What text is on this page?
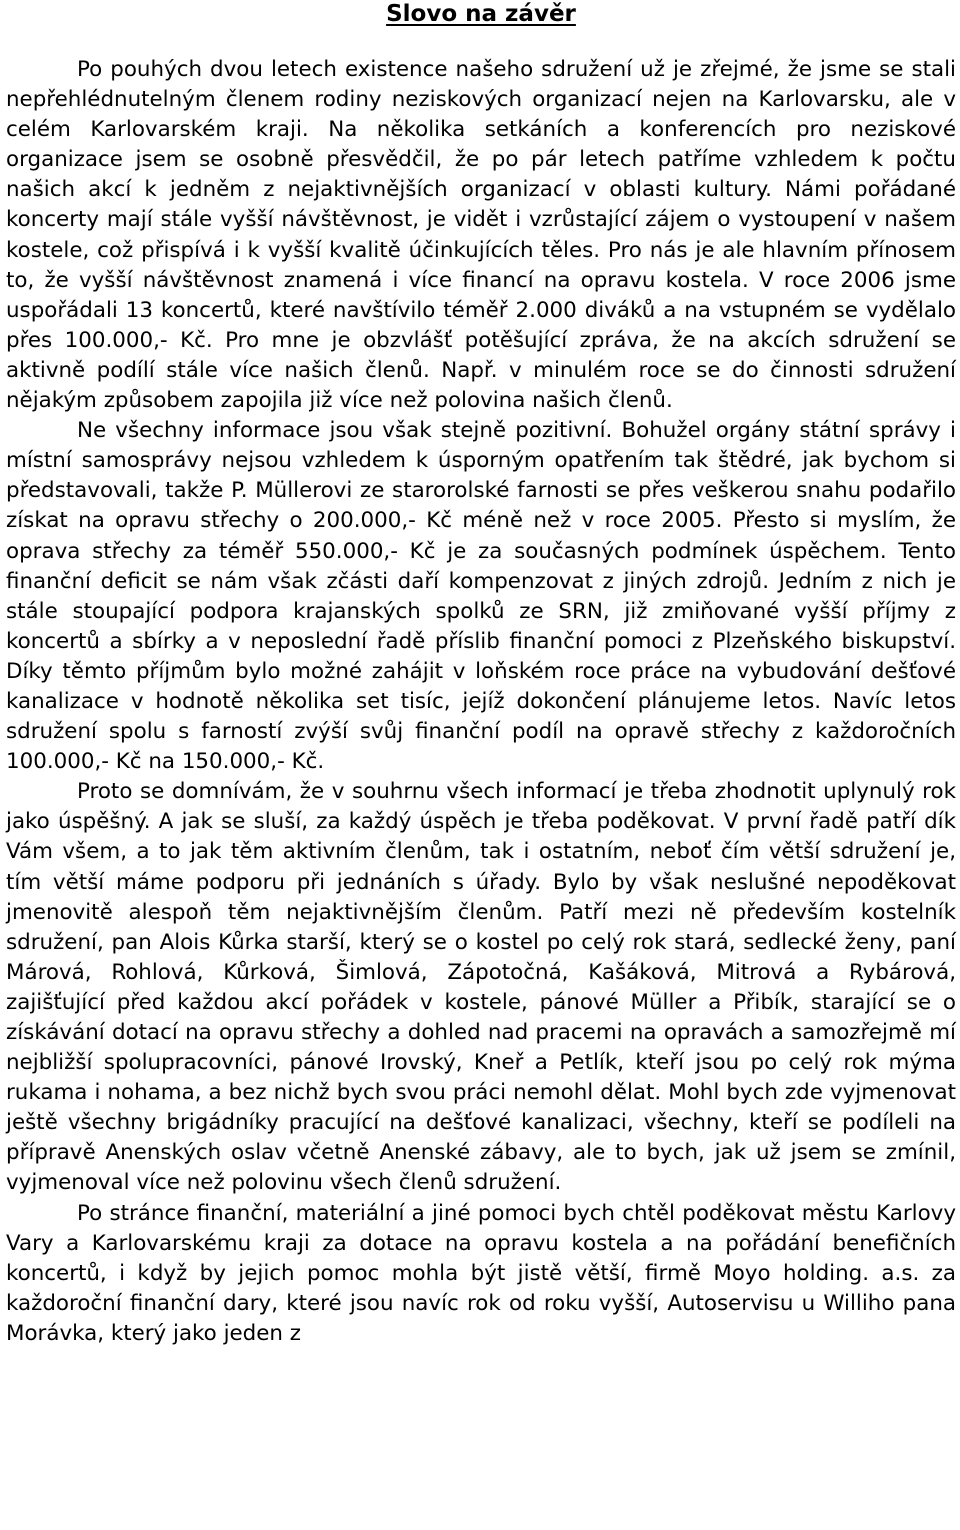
Slovo na závěr

Po pouhých dvou letech existence našeho sdružení už je zřejmé, že jsme se stali nepřehlédnutelným členem rodiny neziskových organizací nejen na Karlovarsku, ale v celém Karlovarském kraji. Na několika setkáních a konferencích pro neziskové organizace jsem se osobně přesvědčil, že po pár letech patříme vzhledem k počtu našich akcí k jedněm z nejaktivnějších organizací v oblasti kultury. Námi pořádané koncerty mají stále vyšší návštěvnost, je vidět i vzrůstající zájem o vystoupení v našem kostele, což přispívá i k vyšší kvalitě účinkujících těles. Pro nás je ale hlavním přínosem to, že vyšší návštěvnost znamená i více financí na opravu kostela. V roce 2006 jsme uspořádali 13 koncertů, které navštívilo téměř 2.000 diváků a na vstupném se vydělalo přes 100.000,- Kč. Pro mne je obzvlášť potěšující zpráva, že na akcích sdružení se aktivně podílí stále více našich členů. Např. v minulém roce se do činnosti sdružení nějakým způsobem zapojila již více než polovina našich členů.

Ne všechny informace jsou však stejně pozitivní. Bohužel orgány státní správy i místní samosprávy nejsou vzhledem k úsporným opatřením tak štědré, jak bychom si představovali, takže P. Müllerovi ze starorolské farnosti se přes veškerou snahu podařilo získat na opravu střechy o 200.000,- Kč méně než v roce 2005. Přesto si myslím, že oprava střechy za téměř 550.000,- Kč je za současných podmínek úspěchem. Tento finanční deficit se nám však zčásti daří kompenzovat z jiných zdrojů. Jedním z nich je stále stoupající podpora krajanských spolků ze SRN, již zmiňované vyšší příjmy z koncertů a sbírky a v neposlední řadě příslib finanční pomoci z Plzeňského biskupství. Díky těmto příjmům bylo možné zahájit v loňském roce práce na vybudování dešťové kanalizace v hodnotě několika set tisíc, jejíž dokončení plánujeme letos. Navíc letos sdružení spolu s farností zvýší svůj finanční podíl na opravě střechy z každoročních 100.000,- Kč na 150.000,- Kč.

Proto se domnívám, že v souhrnu všech informací je třeba zhodnotit uplynulý rok jako úspěšný. A jak se sluší, za každý úspěch je třeba poděkovat. V první řadě patří dík Vám všem, a to jak těm aktivním členům, tak i ostatním, neboť čím větší sdružení je, tím větší máme podporu při jednáních s úřady. Bylo by však neslušné nepoděkovat jmenovitě alespoň těm nejaktivnějším členům. Patří mezi ně především kostelník sdružení, pan Alois Kůrka starší, který se o kostel po celý rok stará, sedlecké ženy, paní Márová, Rohlová, Kůrková, Šimlová, Zápotočná, Kašáková, Mitrová a Rybárová, zajišťující před každou akcí pořádek v kostele, pánové Müller a Přibík, starající se o získávání dotací na opravu střechy a dohled nad pracemi na opravách a samozřejmě mí nejbližší spolupracovníci, pánové Irovský, Kneř a Petlík, kteří jsou po celý rok mýma rukama i nohama, a bez nichž bych svou práci nemohl dělat. Mohl bych zde vyjmenovat ještě všechny brigádníky pracující na dešťové kanalizaci, všechny, kteří se podíleli na přípravě Anenských oslav včetně Anenské zábavy, ale to bych, jak už jsem se zmínil, vyjmenoval více než polovinu všech členů sdružení.

Po stránce finanční, materiální a jiné pomoci bych chtěl poděkovat městu Karlovy Vary a Karlovarskému kraji za dotace na opravu kostela a na pořádání benefičních koncertů, i když by jejich pomoc mohla být jistě větší, firmě Moyo holding. a.s. za každoroční finanční dary, které jsou navíc rok od roku vyšší, Autoservisu u Williho pana Morávka, který jako jeden z
